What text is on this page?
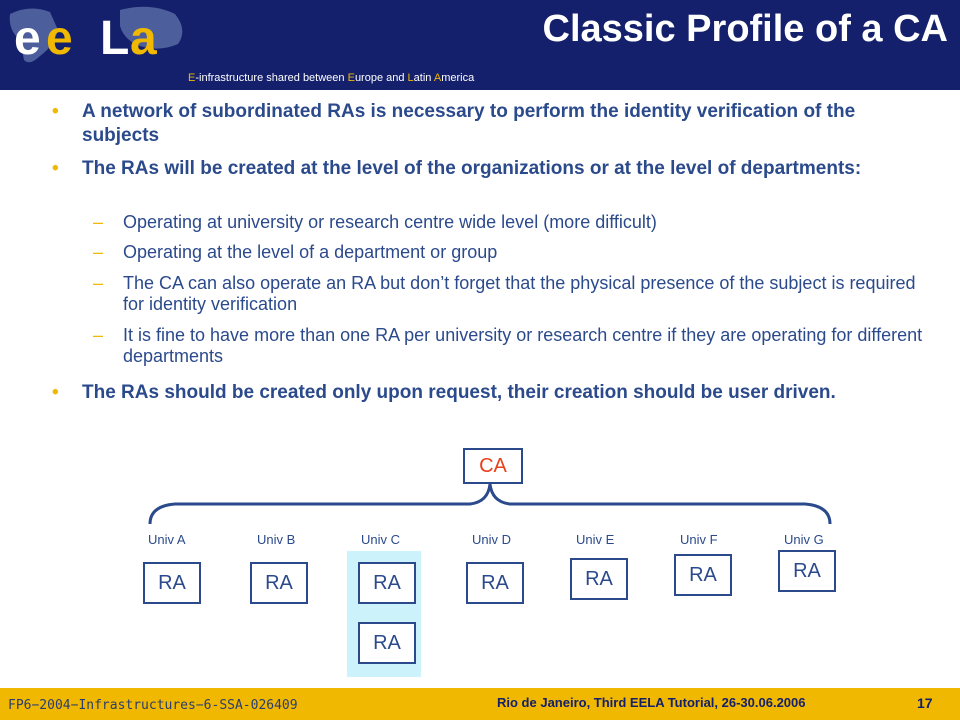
e e L a
E-infrastructure shared between Europe and Latin America
Classic Profile of a CA
• A network of subordinated RAs is necessary to perform the identity verification of the subjects
• The RAs will be created at the level of the organizations or at the level of departments:
– Operating at university or research centre wide level (more difficult)
– Operating at the level of a department or group
– The CA can also operate an RA but don’t forget that the physical presence of the subject is required for identity verification
– It is fine to have more than one RA per university or research centre if they are operating for different departments
• The RAs should be created only upon request, their creation should be user driven.
CA
Univ A	Univ B	Univ C	Univ D	Univ E	Univ F	Univ G
RA	RA	RA	RA	RA	RA	RA
RA
FP6−2004−Infrastructures−6-SSA-026409	Rio de Janeiro, Third EELA Tutorial, 26-30.06.2006	17
